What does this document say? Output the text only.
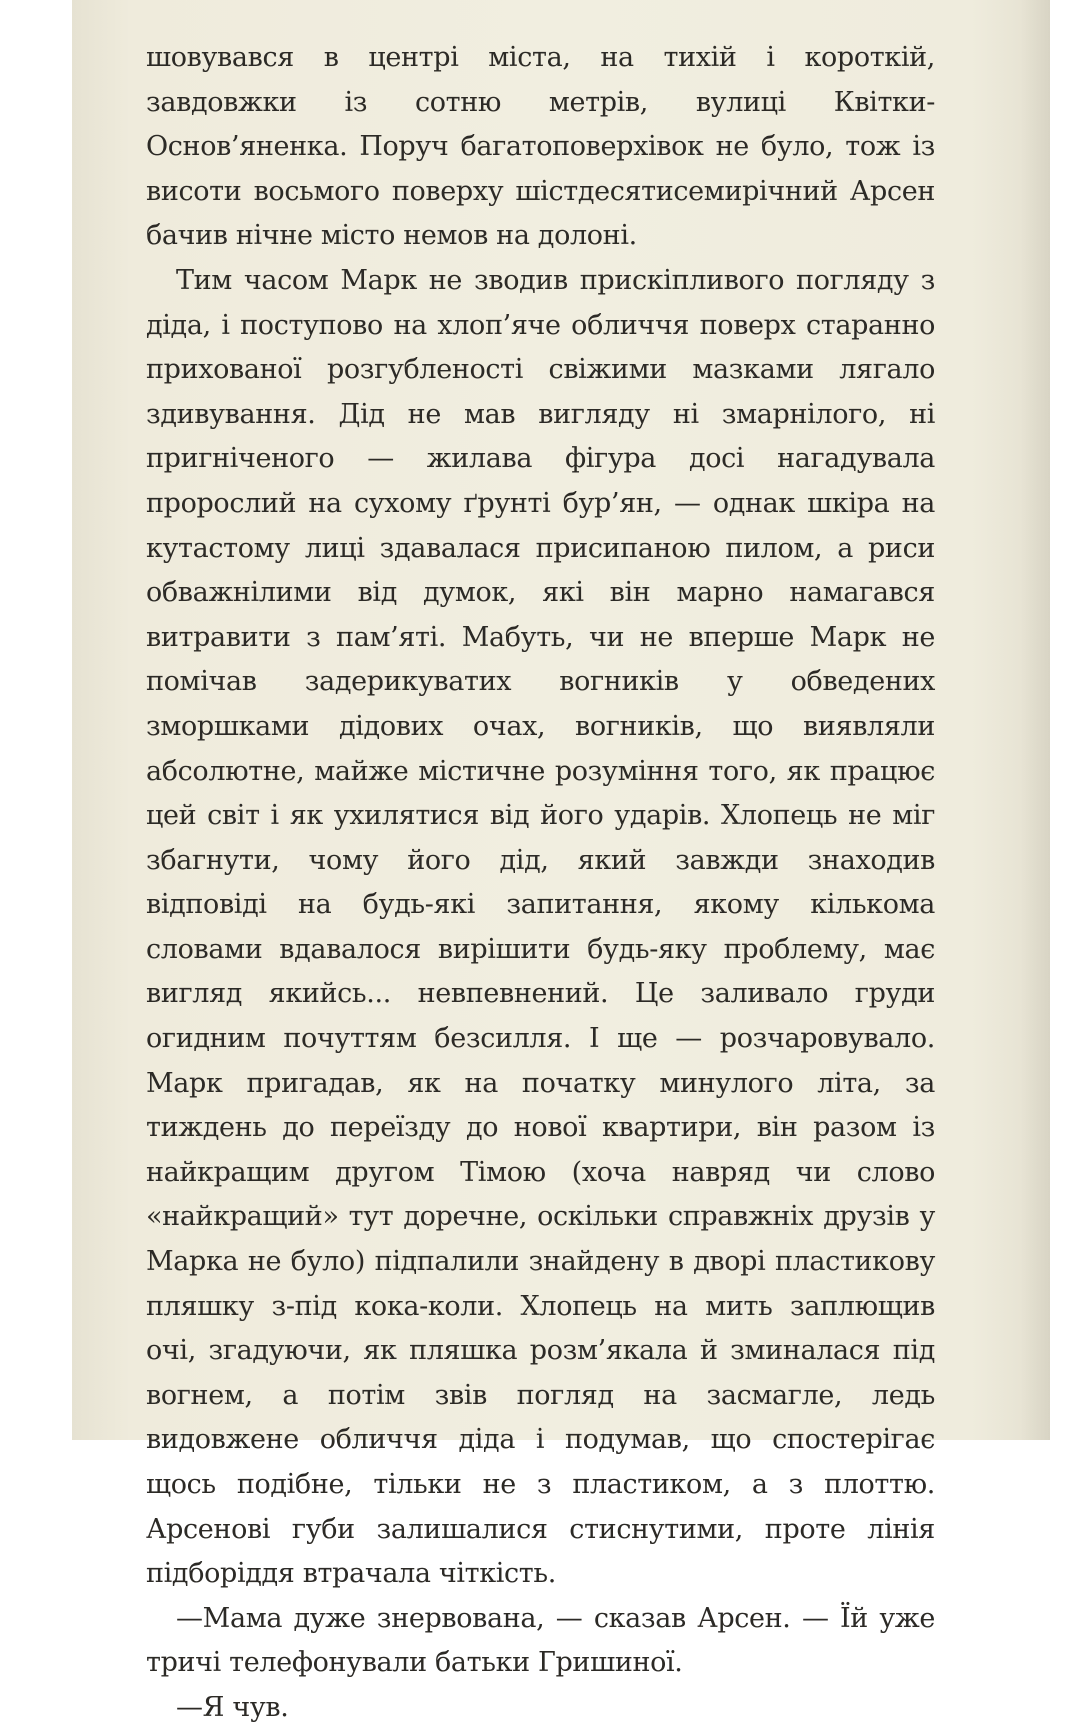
шовувався в центрі міста, на тихій і короткій, завдовжки із сотню метрів, вулиці Квітки-Основ’яненка. Поруч багатоповерхівок не було, тож із висоти восьмого поверху шістдесятисемирічний Арсен бачив нічне місто немов на долоні.

Тим часом Марк не зводив прискіпливого погляду з діда, і поступово на хлоп’яче обличчя поверх старанно прихованої розгубленості свіжими мазками лягало здивування. Дід не мав вигляду ні змарнілого, ні пригніченого — жилава фігура досі нагадувала пророслий на сухому ґрунті бур’ян, — однак шкіра на кутастому лиці здавалася присипаною пилом, а риси обважнілими від думок, які він марно намагався витравити з пам’яті. Мабуть, чи не вперше Марк не помічав задерикуватих вогників у обведених зморшками дідових очах, вогників, що виявляли абсолютне, майже містичне розуміння того, як працює цей світ і як ухилятися від його ударів. Хлопець не міг збагнути, чому його дід, який завжди знаходив відповіді на будь-які запитання, якому кількома словами вдавалося вирішити будь-яку проблему, має вигляд якийсь... невпевнений. Це заливало груди огидним почуттям безсилля. І ще — розчаровувало. Марк пригадав, як на початку минулого літа, за тиждень до переїзду до нової квартири, він разом із найкращим другом Тімою (хоча навряд чи слово «найкращий» тут доречне, оскільки справжніх друзів у Марка не було) підпалили знайдену в дворі пластикову пляшку з-під кока-коли. Хлопець на мить заплющив очі, згадуючи, як пляшка розм’якала й зминалася під вогнем, а потім звів погляд на засмагле, ледь видовжене обличчя діда і подумав, що спостерігає щось подібне, тільки не з пластиком, а з плоттю. Арсенові губи залишалися стиснутими, проте лінія підборіддя втрачала чіткість.

—Мама дуже знервована, — сказав Арсен. — Їй уже тричі телефонували батьки Гришиної.

—Я чув.
